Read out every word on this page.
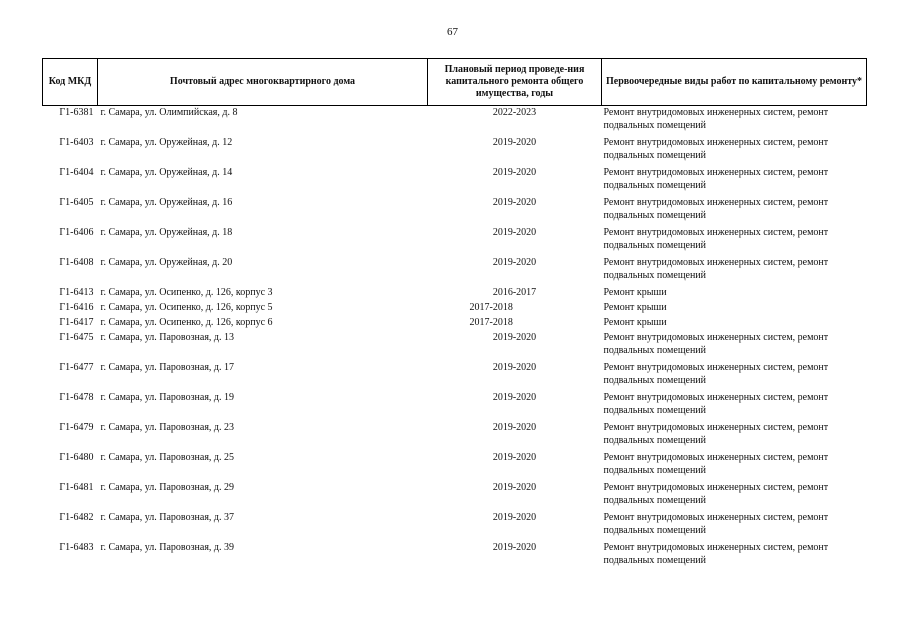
67
Код МКД	Почтовый адрес многоквартирного дома	Плановый период проведе-ния капитального ремонта общего имущества, годы	Первоочередные виды работ по капитальному ремонту*
Г1-6381	г. Самара, ул. Олимпийская, д. 8	2022-2023	Ремонт внутридомовых инженерных систем, ремонт подвальных помещений
Г1-6403	г. Самара, ул. Оружейная, д. 12	2019-2020	Ремонт внутридомовых инженерных систем, ремонт подвальных помещений
Г1-6404	г. Самара, ул. Оружейная, д. 14	2019-2020	Ремонт внутридомовых инженерных систем, ремонт подвальных помещений
Г1-6405	г. Самара, ул. Оружейная, д. 16	2019-2020	Ремонт внутридомовых инженерных систем, ремонт подвальных помещений
Г1-6406	г. Самара, ул. Оружейная, д. 18	2019-2020	Ремонт внутридомовых инженерных систем, ремонт подвальных помещений
Г1-6408	г. Самара, ул. Оружейная, д. 20	2019-2020	Ремонт внутридомовых инженерных систем, ремонт подвальных помещений
Г1-6413	г. Самара, ул. Осипенко, д. 126, корпус 3	2016-2017	Ремонт крыши
Г1-6416	г. Самара, ул. Осипенко, д. 126, корпус 5	2017-2018	Ремонт крыши
Г1-6417	г. Самара, ул. Осипенко, д. 126, корпус 6	2017-2018	Ремонт крыши
Г1-6475	г. Самара, ул. Паровозная, д. 13	2019-2020	Ремонт внутридомовых инженерных систем, ремонт подвальных помещений
Г1-6477	г. Самара, ул. Паровозная, д. 17	2019-2020	Ремонт внутридомовых инженерных систем, ремонт подвальных помещений
Г1-6478	г. Самара, ул. Паровозная, д. 19	2019-2020	Ремонт внутридомовых инженерных систем, ремонт подвальных помещений
Г1-6479	г. Самара, ул. Паровозная, д. 23	2019-2020	Ремонт внутридомовых инженерных систем, ремонт подвальных помещений
Г1-6480	г. Самара, ул. Паровозная, д. 25	2019-2020	Ремонт внутридомовых инженерных систем, ремонт подвальных помещений
Г1-6481	г. Самара, ул. Паровозная, д. 29	2019-2020	Ремонт внутридомовых инженерных систем, ремонт подвальных помещений
Г1-6482	г. Самара, ул. Паровозная, д. 37	2019-2020	Ремонт внутридомовых инженерных систем, ремонт подвальных помещений
Г1-6483	г. Самара, ул. Паровозная, д. 39	2019-2020	Ремонт внутридомовых инженерных систем, ремонт подвальных помещений
